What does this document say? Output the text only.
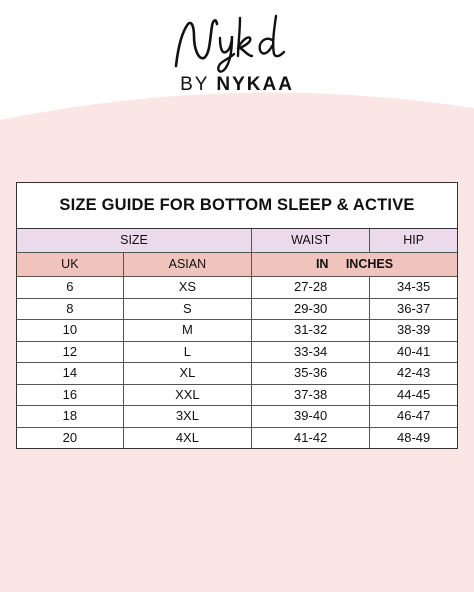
BY NYKAA
SIZE GUIDE FOR BOTTOM SLEEP & ACTIVE
SIZE		WAIST	HIP
UK	ASIAN	IN INCHES	
6	XS	27-28	34-35
8	S	29-30	36-37
10	M	31-32	38-39
12	L	33-34	40-41
14	XL	35-36	42-43
16	XXL	37-38	44-45
18	3XL	39-40	46-47
20	4XL	41-42	48-49
